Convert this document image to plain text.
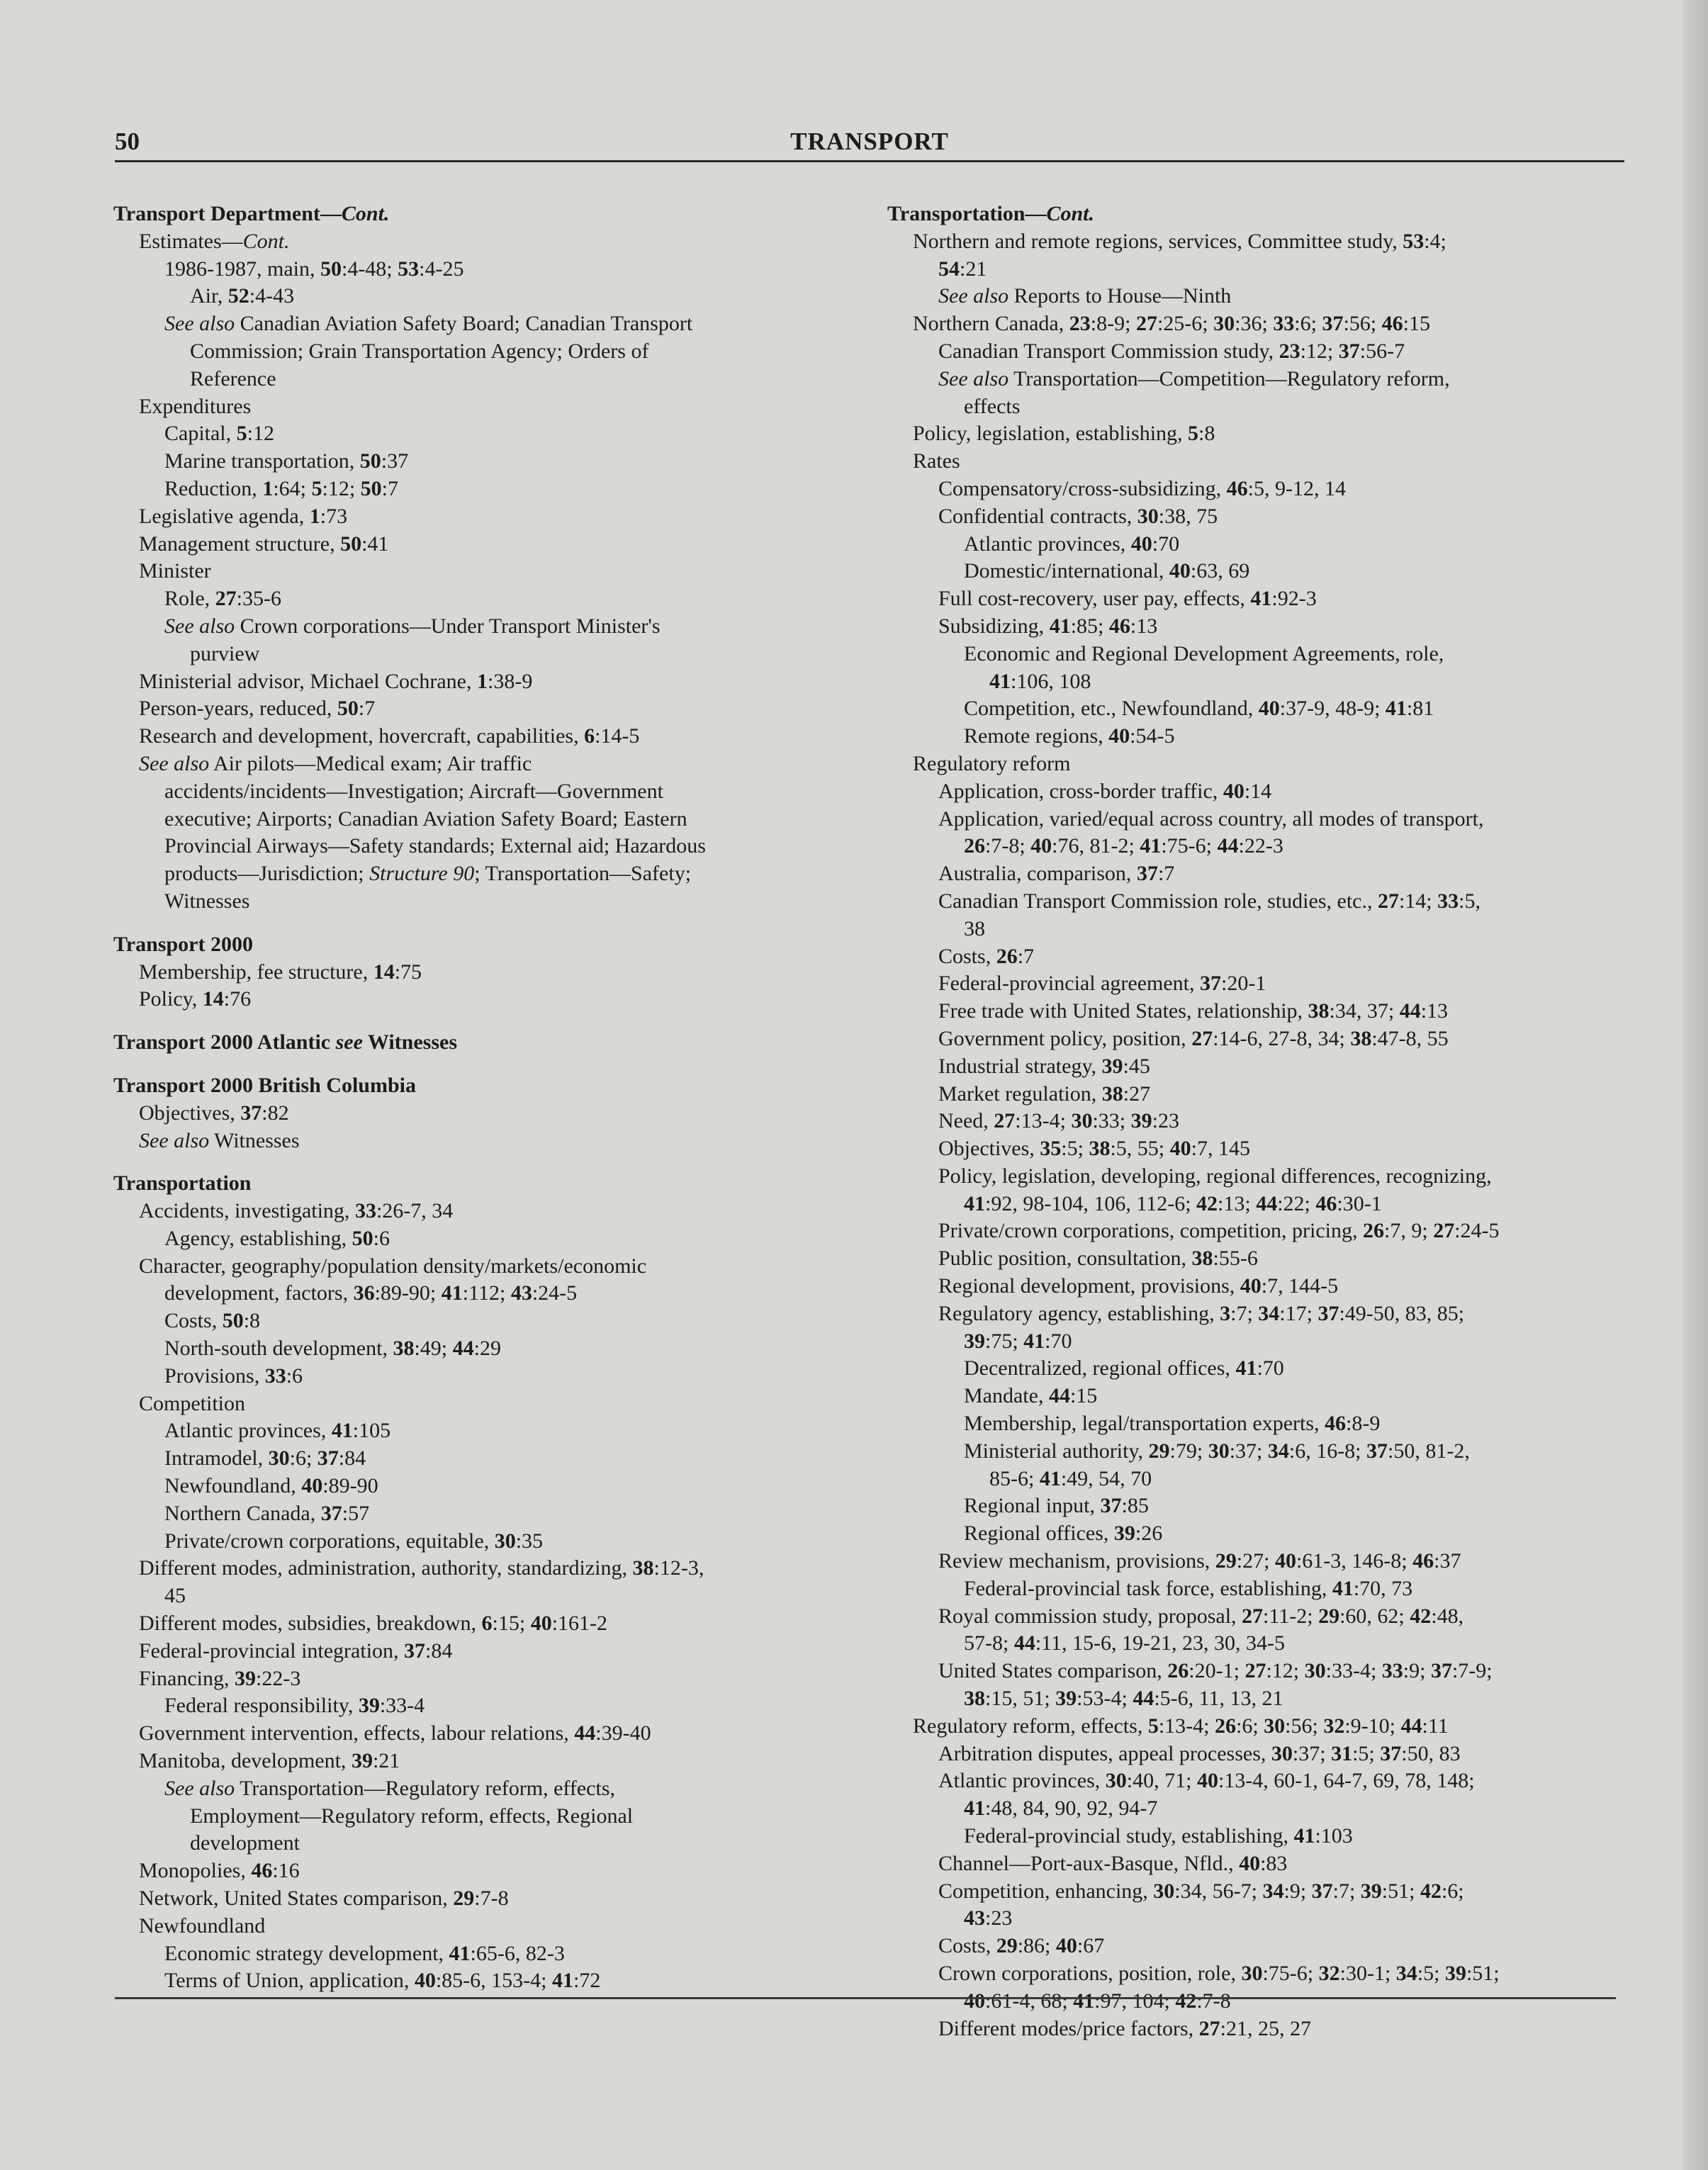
50	TRANSPORT
Transport Department—Cont.
Estimates—Cont.
1986-1987, main, 50:4-48; 53:4-25
Air, 52:4-43
See also Canadian Aviation Safety Board; Canadian Transport
Commission; Grain Transportation Agency; Orders of
Reference
Expenditures
Capital, 5:12
Marine transportation, 50:37
Reduction, 1:64; 5:12; 50:7
Legislative agenda, 1:73
Management structure, 50:41
Minister
Role, 27:35-6
See also Crown corporations—Under Transport Minister's
purview
Ministerial advisor, Michael Cochrane, 1:38-9
Person-years, reduced, 50:7
Research and development, hovercraft, capabilities, 6:14-5
See also Air pilots—Medical exam; Air traffic
accidents/incidents—Investigation; Aircraft—Government
executive; Airports; Canadian Aviation Safety Board; Eastern
Provincial Airways—Safety standards; External aid; Hazardous
products—Jurisdiction; Structure 90; Transportation—Safety;
Witnesses
Transport 2000
Membership, fee structure, 14:75
Policy, 14:76
Transport 2000 Atlantic see Witnesses
Transport 2000 British Columbia
Objectives, 37:82
See also Witnesses
Transportation
Accidents, investigating, 33:26-7, 34
Agency, establishing, 50:6
Character, geography/population density/markets/economic
development, factors, 36:89-90; 41:112; 43:24-5
Costs, 50:8
North-south development, 38:49; 44:29
Provisions, 33:6
Competition
Atlantic provinces, 41:105
Intramodel, 30:6; 37:84
Newfoundland, 40:89-90
Northern Canada, 37:57
Private/crown corporations, equitable, 30:35
Different modes, administration, authority, standardizing, 38:12-3,
45
Different modes, subsidies, breakdown, 6:15; 40:161-2
Federal-provincial integration, 37:84
Financing, 39:22-3
Federal responsibility, 39:33-4
Government intervention, effects, labour relations, 44:39-40
Manitoba, development, 39:21
See also Transportation—Regulatory reform, effects,
Employment—Regulatory reform, effects, Regional
development
Monopolies, 46:16
Network, United States comparison, 29:7-8
Newfoundland
Economic strategy development, 41:65-6, 82-3
Terms of Union, application, 40:85-6, 153-4; 41:72
Transportation—Cont.
Northern and remote regions, services, Committee study, 53:4;
54:21
See also Reports to House—Ninth
Northern Canada, 23:8-9; 27:25-6; 30:36; 33:6; 37:56; 46:15
Canadian Transport Commission study, 23:12; 37:56-7
See also Transportation—Competition—Regulatory reform,
effects
Policy, legislation, establishing, 5:8
Rates
Compensatory/cross-subsidizing, 46:5, 9-12, 14
Confidential contracts, 30:38, 75
Atlantic provinces, 40:70
Domestic/international, 40:63, 69
Full cost-recovery, user pay, effects, 41:92-3
Subsidizing, 41:85; 46:13
Economic and Regional Development Agreements, role,
41:106, 108
Competition, etc., Newfoundland, 40:37-9, 48-9; 41:81
Remote regions, 40:54-5
Regulatory reform
Application, cross-border traffic, 40:14
Application, varied/equal across country, all modes of transport,
26:7-8; 40:76, 81-2; 41:75-6; 44:22-3
Australia, comparison, 37:7
Canadian Transport Commission role, studies, etc., 27:14; 33:5,
38
Costs, 26:7
Federal-provincial agreement, 37:20-1
Free trade with United States, relationship, 38:34, 37; 44:13
Government policy, position, 27:14-6, 27-8, 34; 38:47-8, 55
Industrial strategy, 39:45
Market regulation, 38:27
Need, 27:13-4; 30:33; 39:23
Objectives, 35:5; 38:5, 55; 40:7, 145
Policy, legislation, developing, regional differences, recognizing,
41:92, 98-104, 106, 112-6; 42:13; 44:22; 46:30-1
Private/crown corporations, competition, pricing, 26:7, 9; 27:24-5
Public position, consultation, 38:55-6
Regional development, provisions, 40:7, 144-5
Regulatory agency, establishing, 3:7; 34:17; 37:49-50, 83, 85;
39:75; 41:70
Decentralized, regional offices, 41:70
Mandate, 44:15
Membership, legal/transportation experts, 46:8-9
Ministerial authority, 29:79; 30:37; 34:6, 16-8; 37:50, 81-2,
85-6; 41:49, 54, 70
Regional input, 37:85
Regional offices, 39:26
Review mechanism, provisions, 29:27; 40:61-3, 146-8; 46:37
Federal-provincial task force, establishing, 41:70, 73
Royal commission study, proposal, 27:11-2; 29:60, 62; 42:48,
57-8; 44:11, 15-6, 19-21, 23, 30, 34-5
United States comparison, 26:20-1; 27:12; 30:33-4; 33:9; 37:7-9;
38:15, 51; 39:53-4; 44:5-6, 11, 13, 21
Regulatory reform, effects, 5:13-4; 26:6; 30:56; 32:9-10; 44:11
Arbitration disputes, appeal processes, 30:37; 31:5; 37:50, 83
Atlantic provinces, 30:40, 71; 40:13-4, 60-1, 64-7, 69, 78, 148;
41:48, 84, 90, 92, 94-7
Federal-provincial study, establishing, 41:103
Channel—Port-aux-Basque, Nfld., 40:83
Competition, enhancing, 30:34, 56-7; 34:9; 37:7; 39:51; 42:6;
43:23
Costs, 29:86; 40:67
Crown corporations, position, role, 30:75-6; 32:30-1; 34:5; 39:51;
40:61-4, 68; 41:97, 104; 42:7-8
Different modes/price factors, 27:21, 25, 27
